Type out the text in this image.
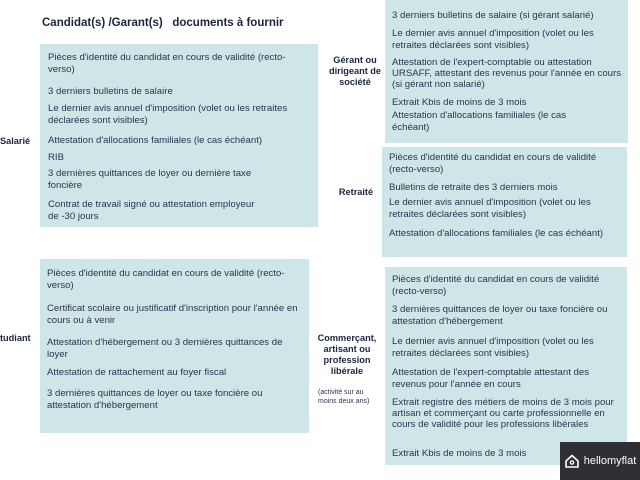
Candidat(s) /Garant(s)   documents à fournir
Salarié

Pièces d'identité du candidat en cours de validité (recto-verso)

3 derniers bulletins de salaire

Le dernier avis annuel d'imposition (volet ou les retraites déclarées sont visibles)

Attestation d'allocations familiales (le cas échéant)

RIB

3 dernières quittances de loyer ou dernière taxe foncière

Contrat de travail signé ou attestation employeur de -30 jours

tudiant

Pièces d'identité du candidat en cours de validité (recto-verso)

Certificat scolaire ou justificatif d'inscription pour l'année en cours ou à venir

Attestation d'hébergement ou 3 dernières quittances de loyer

Attestation de rattachement au foyer fiscal

3 dernières quittances de loyer ou taxe foncière ou attestation d'hébergement

Gérant ou dirigeant de société

3 derniers bulletins de salaire (si gérant salarié)

Le dernier avis annuel d'imposition (volet ou les retraites déclarées sont visibles)

Attestation de l'expert-comptable ou attestation URSAFF, attestant des revenus pour l'année en cours (si gérant non salarié)

Extrait Kbis de moins de 3 mois

Attestation d'allocations familiales (le cas échéant)

Retraité

Pièces d'identité du candidat en cours de validité (recto-verso)

Bulletins de retraite des 3 derniers mois

Le dernier avis annuel d'imposition (volet ou les retraites déclarées sont visibles)

Attestation d'allocations familiales (le cas échéant)

Commerçant, artisant ou profession libérale
(activité sur au moins deux ans)

Pièces d'identité du candidat en cours de validité (recto-verso)

3 dernières quittances de loyer ou taxe foncière ou attestation d'hébergement

Le dernier avis annuel d'imposition (volet ou les retraites déclarées sont visibles)

Attestation de l'expert-comptable attestant des revenus pour l'année en cours

Extrait registre des métiers de moins de 3 mois pour artisan et commerçant ou carte professionnelle en cours de validité pour les professions libérales

Extrait Kbis de moins de 3 mois

hellomyflat
